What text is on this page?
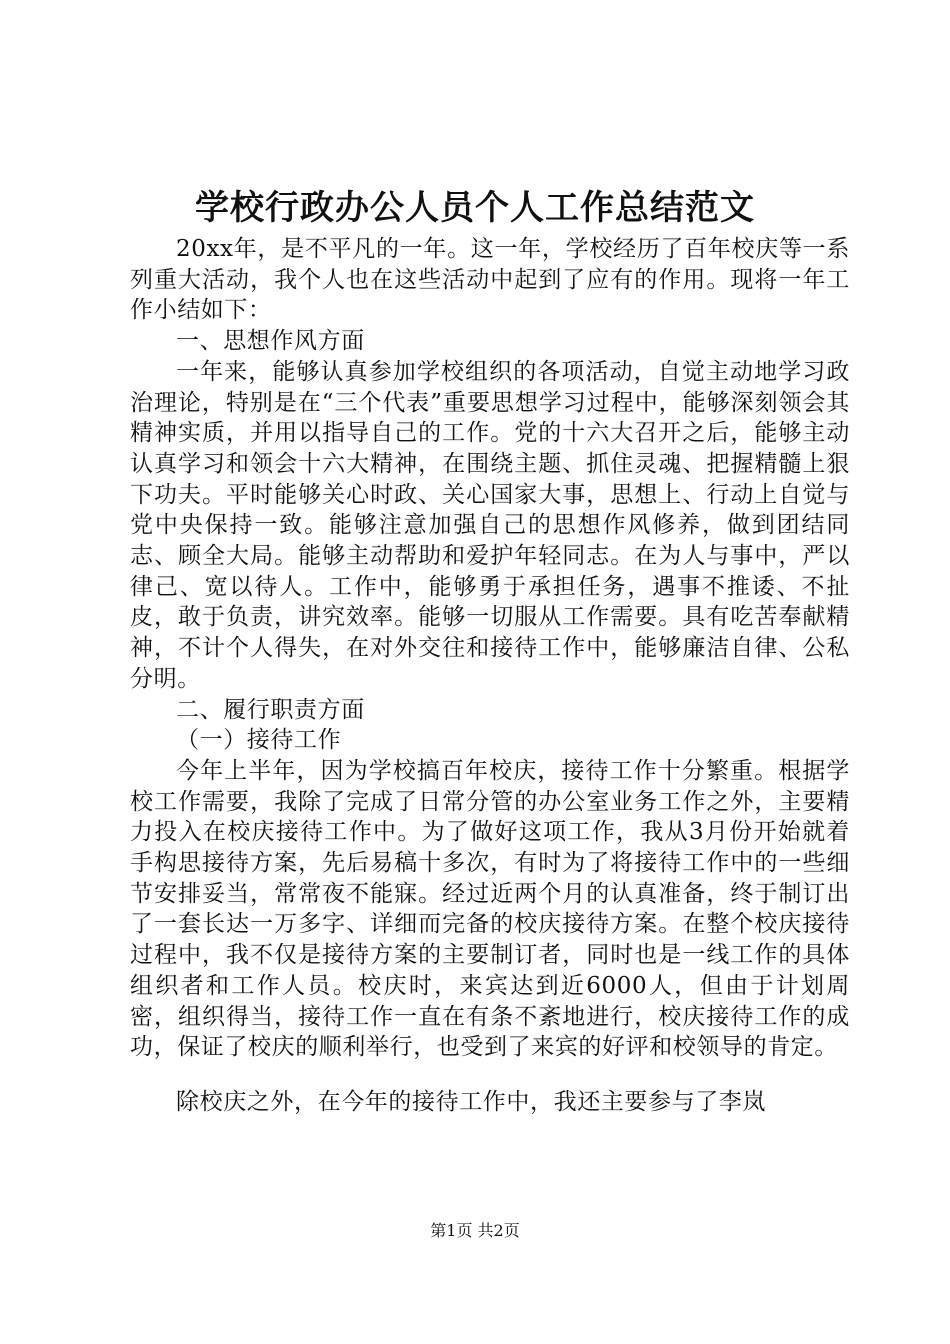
学校行政办公人员个人工作总结范文

20xx年，是不平凡的一年。这一年，学校经历了百年校庆等一系列重大活动，我个人也在这些活动中起到了应有的作用。现将一年工作小结如下：

一、思想作风方面

一年来，能够认真参加学校组织的各项活动，自觉主动地学习政治理论，特别是在“三个代表”重要思想学习过程中，能够深刻领会其精神实质，并用以指导自己的工作。党的十六大召开之后，能够主动认真学习和领会十六大精神，在围绕主题、抓住灵魂、把握精髓上狠下功夫。平时能够关心时政、关心国家大事，思想上、行动上自觉与党中央保持一致。能够注意加强自己的思想作风修养，做到团结同志、顾全大局。能够主动帮助和爱护年轻同志。在为人与事中，严以律己、宽以待人。工作中，能够勇于承担任务，遇事不推诿、不扯皮，敢于负责，讲究效率。能够一切服从工作需要。具有吃苦奉献精神，不计个人得失，在对外交往和接待工作中，能够廉洁自律、公私分明。

二、履行职责方面

（一）接待工作

今年上半年，因为学校搞百年校庆，接待工作十分繁重。根据学校工作需要，我除了完成了日常分管的办公室业务工作之外，主要精力投入在校庆接待工作中。为了做好这项工作，我从3月份开始就着手构思接待方案，先后易稿十多次，有时为了将接待工作中的一些细节安排妥当，常常夜不能寐。经过近两个月的认真准备，终于制订出了一套长达一万多字、详细而完备的校庆接待方案。在整个校庆接待过程中，我不仅是接待方案的主要制订者，同时也是一线工作的具体组织者和工作人员。校庆时，来宾达到近6000人，但由于计划周密，组织得当，接待工作一直在有条不紊地进行，校庆接待工作的成功，保证了校庆的顺利举行，也受到了来宾的好评和校领导的肯定。

除校庆之外，在今年的接待工作中，我还主要参与了李岚

第1页 共2页
